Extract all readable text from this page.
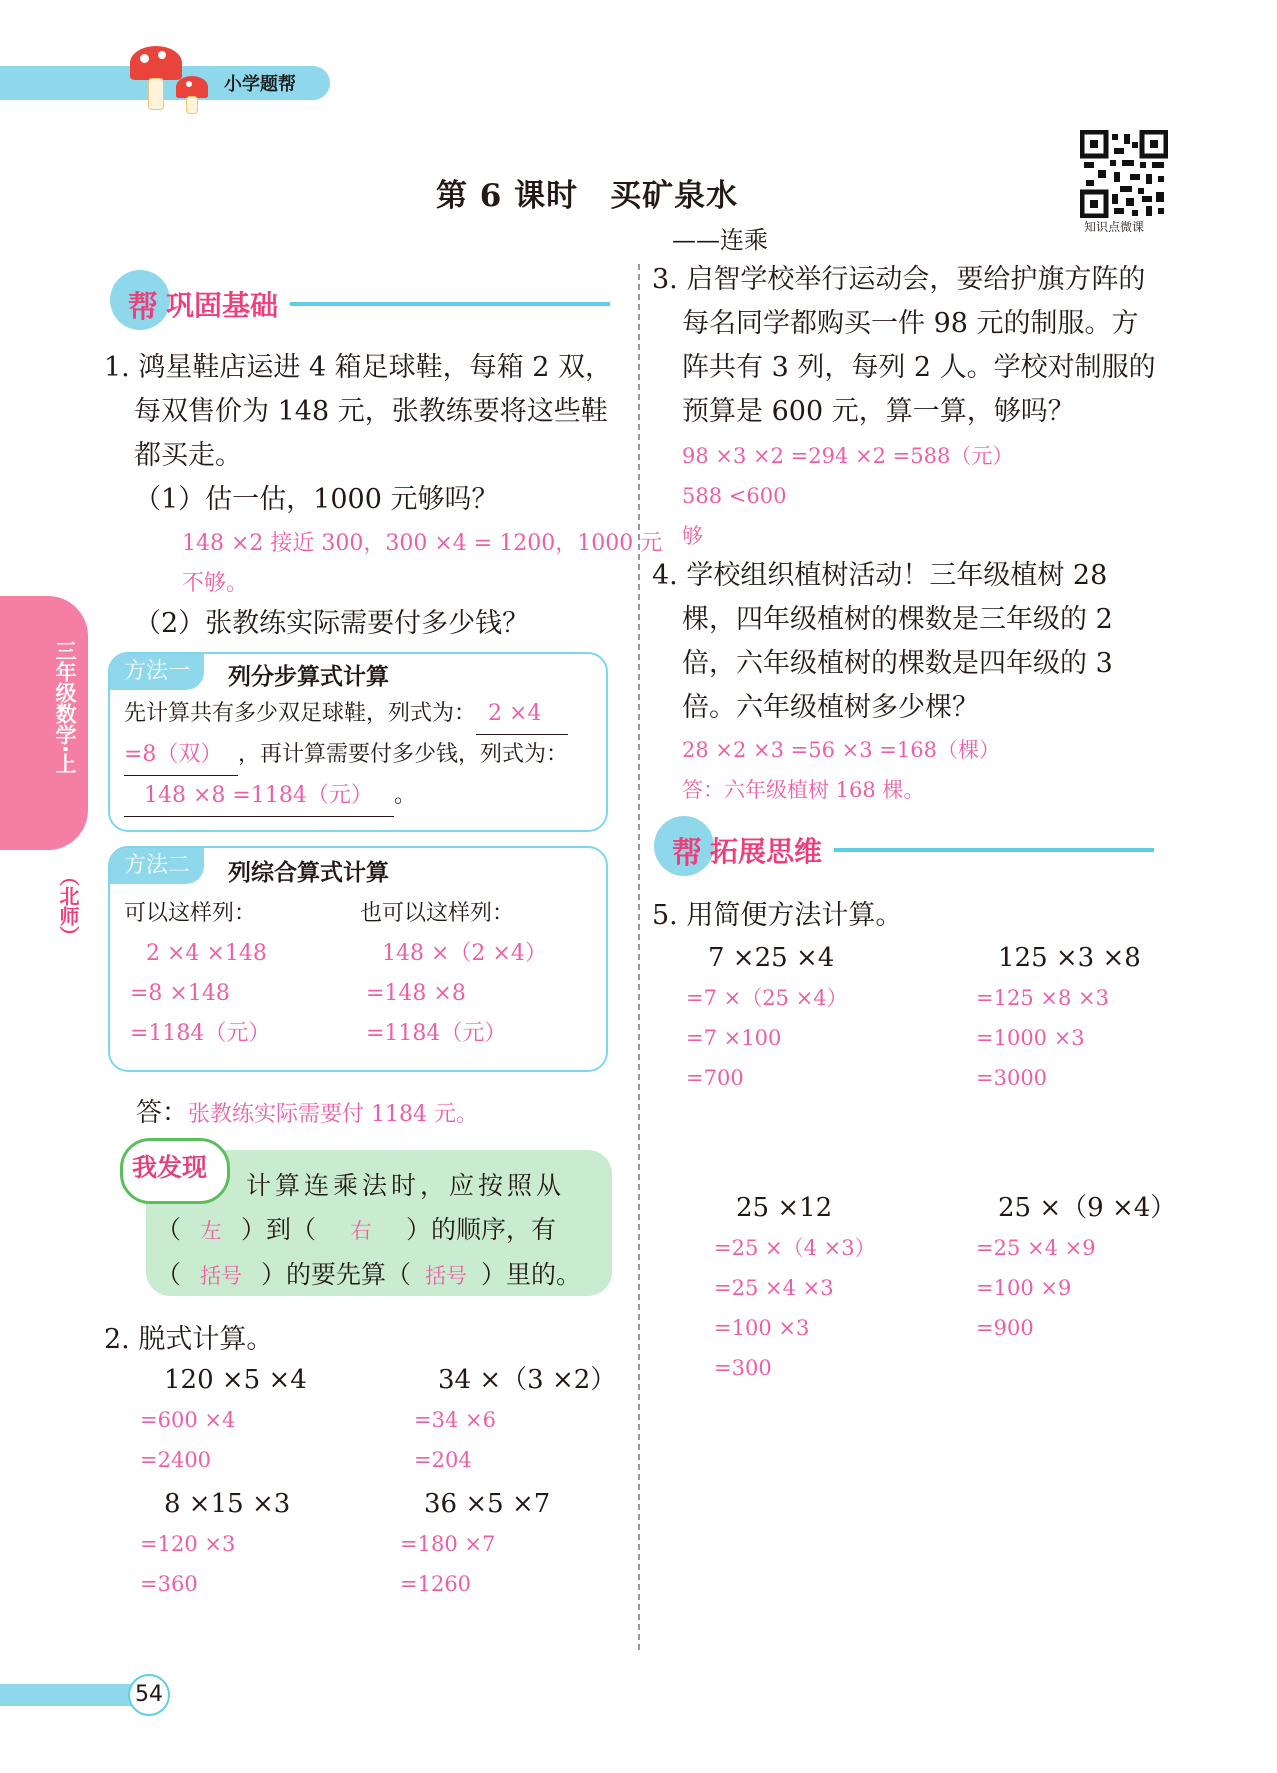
小学题帮
第 6 课时　买矿泉水
——连乘	知识点微课
三年级数学·上
（北师）
帮 巩固基础
1. 鸿星鞋店运进 4 箱足球鞋，每箱 2 双，
每双售价为 148 元，张教练要将这些鞋
都买走。
（1）估一估，1000 元够吗？
148 ×2 接近 300，300 ×4 = 1200，1000 元
不够。
（2）张教练实际需要付多少钱？
方法一	列分步算式计算
先计算共有多少双足球鞋，列式为： 2 ×4
=8（双） ，再计算需要付多少钱，列式为：
148 ×8 =1184（元） 。
方法二	列综合算式计算
可以这样列：	也可以这样列：
2 ×4 ×148
=8 ×148
=1184（元）
148 ×（2 ×4）
=148 ×8
=1184（元）
答：张教练实际需要付 1184 元。
我发现
计算连乘法时，应按照从
（ 左 ）到（ 右 ）的顺序，有
（ 括号 ）的要先算（ 括号 ）里的。
2. 脱式计算。
120 ×5 ×4
=600 ×4
=2400
34 ×（3 ×2）
=34 ×6
=204
8 ×15 ×3
=120 ×3
=360
36 ×5 ×7
=180 ×7
=1260
3. 启智学校举行运动会，要给护旗方阵的
每名同学都购买一件 98 元的制服。方
阵共有 3 列，每列 2 人。学校对制服的
预算是 600 元，算一算，够吗？
98 ×3 ×2 =294 ×2 =588（元）
588 <600
够
4. 学校组织植树活动！三年级植树 28
棵，四年级植树的棵数是三年级的 2
倍，六年级植树的棵数是四年级的 3
倍。六年级植树多少棵？
28 ×2 ×3 =56 ×3 =168（棵）
答：六年级植树 168 棵。
帮 拓展思维
5. 用简便方法计算。
7 ×25 ×4
=7 ×（25 ×4）
=7 ×100
=700
125 ×3 ×8
=125 ×8 ×3
=1000 ×3
=3000
25 ×12
=25 ×（4 ×3）
=25 ×4 ×3
=100 ×3
=300
25 ×（9 ×4）
=25 ×4 ×9
=100 ×9
=900
54
